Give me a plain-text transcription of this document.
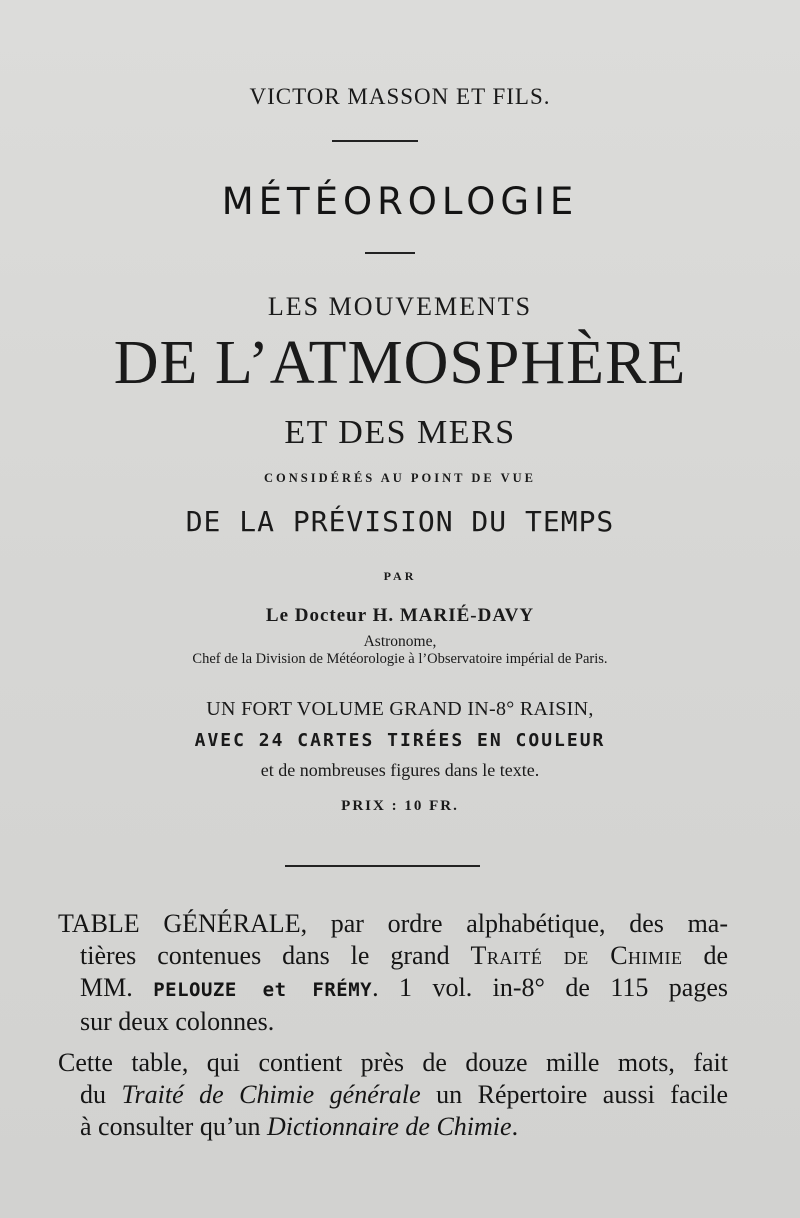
VICTOR MASSON ET FILS.
MÉTÉOROLOGIE
LES MOUVEMENTS
DE L’ATMOSPHÈRE
ET DES MERS
CONSIDÉRÉS AU POINT DE VUE
DE LA PRÉVISION DU TEMPS
PAR
Le Docteur H. MARIÉ-DAVY
Astronome,
Chef de la Division de Météorologie à l’Observatoire impérial de Paris.
UN FORT VOLUME GRAND IN-8° RAISIN,
AVEC 24 CARTES TIRÉES EN COULEUR
et de nombreuses figures dans le texte.
PRIX : 10 FR.
TABLE GÉNÉRALE, par ordre alphabétique, des ma-
tières contenues dans le grand Traité de Chimie de
MM. PELOUZE et FRÉMY. 1 vol. in-8° de 115 pages
sur deux colonnes.
Cette table, qui contient près de douze mille mots, fait
du Traité de Chimie générale un Répertoire aussi facile
à consulter qu’un Dictionnaire de Chimie.
